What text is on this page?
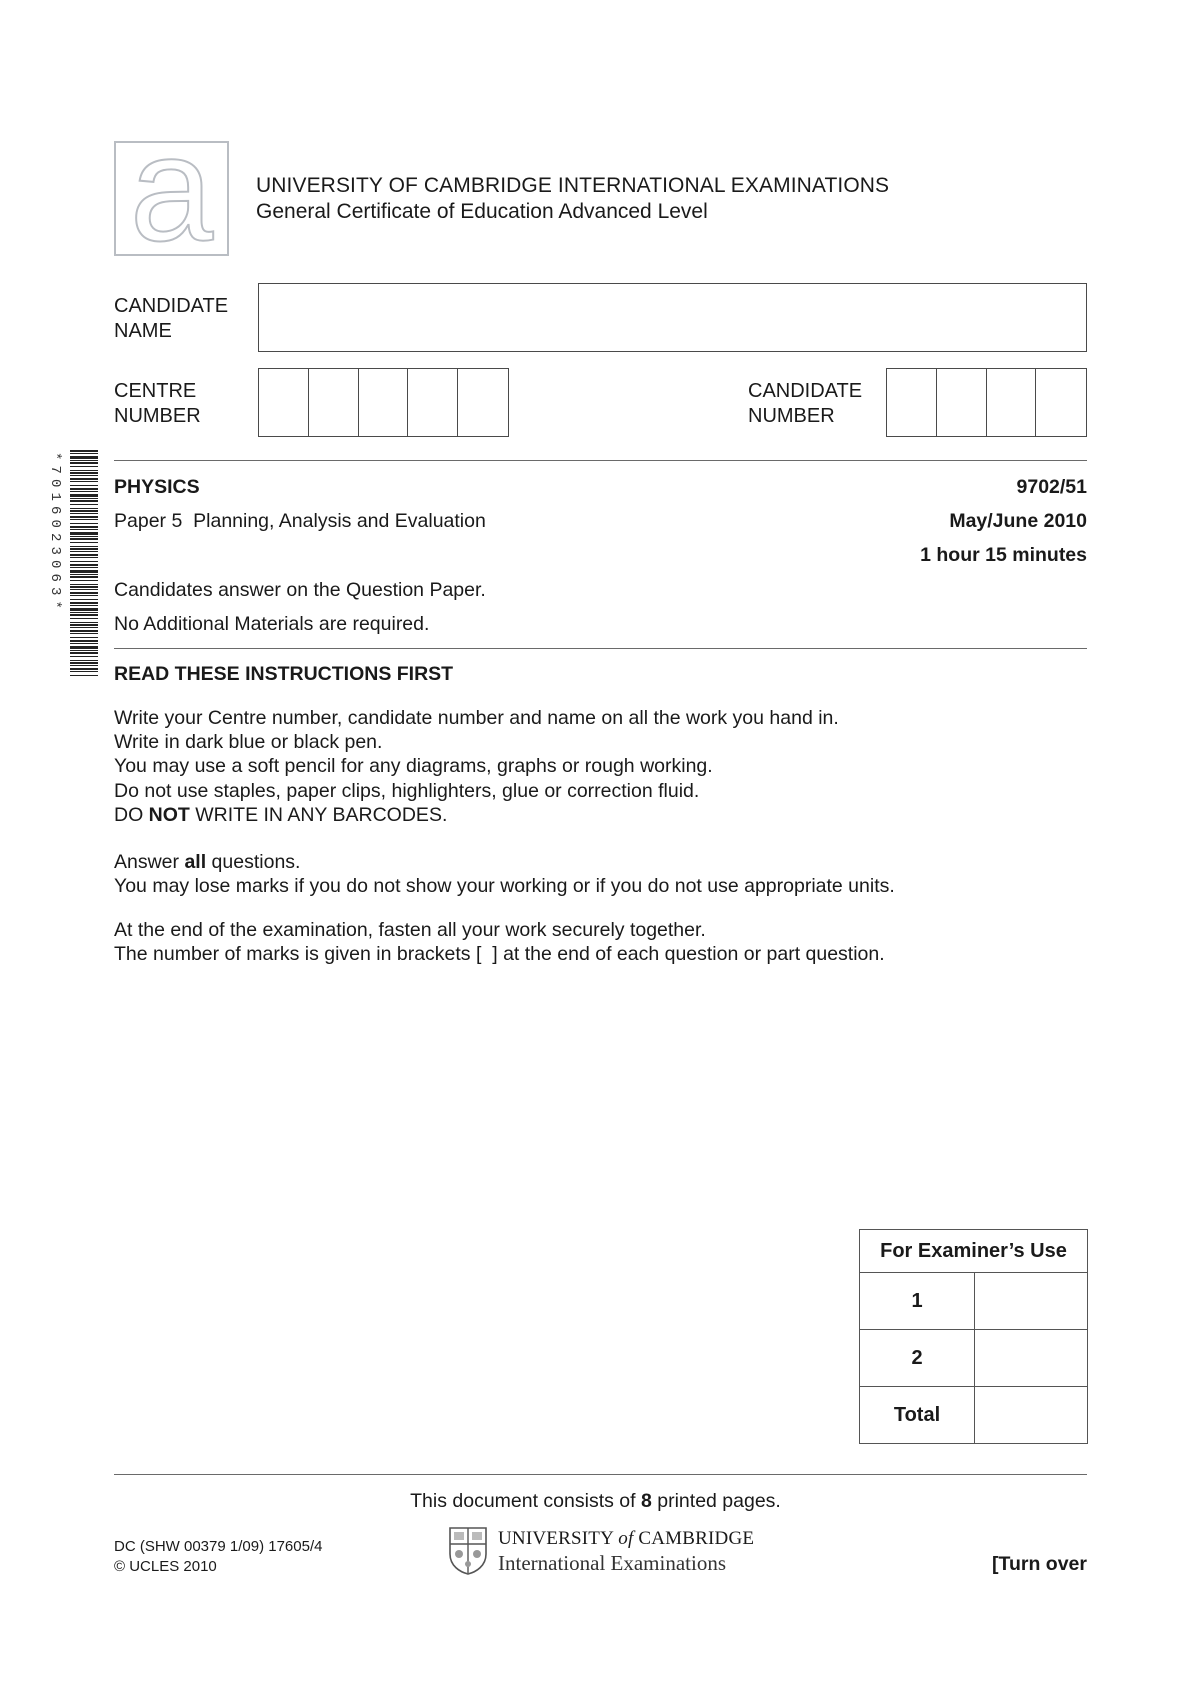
a	UNIVERSITY OF CAMBRIDGE INTERNATIONAL EXAMINATIONS
General Certificate of Education Advanced Level
CANDIDATE
NAME
CENTRE
NUMBER
CANDIDATE
NUMBER
*7016023063*	PHYSICS	9702/51
Paper 5  Planning, Analysis and Evaluation	May/June 2010
1 hour 15 minutes
Candidates answer on the Question Paper.
No Additional Materials are required.
READ THESE INSTRUCTIONS FIRST
Write your Centre number, candidate number and name on all the work you hand in.
Write in dark blue or black pen.
You may use a soft pencil for any diagrams, graphs or rough working.
Do not use staples, paper clips, highlighters, glue or correction fluid.
DO NOT WRITE IN ANY BARCODES.
Answer all questions.
You may lose marks if you do not show your working or if you do not use appropriate units.
At the end of the examination, fasten all your work securely together.
The number of marks is given in brackets [  ] at the end of each question or part question.
For Examiner’s Use	
1	
2	
Total	
This document consists of 8 printed pages.
DC (SHW 00379 1/09) 17605/4
© UCLES 2010
UNIVERSITY of CAMBRIDGE
International Examinations	[Turn over
